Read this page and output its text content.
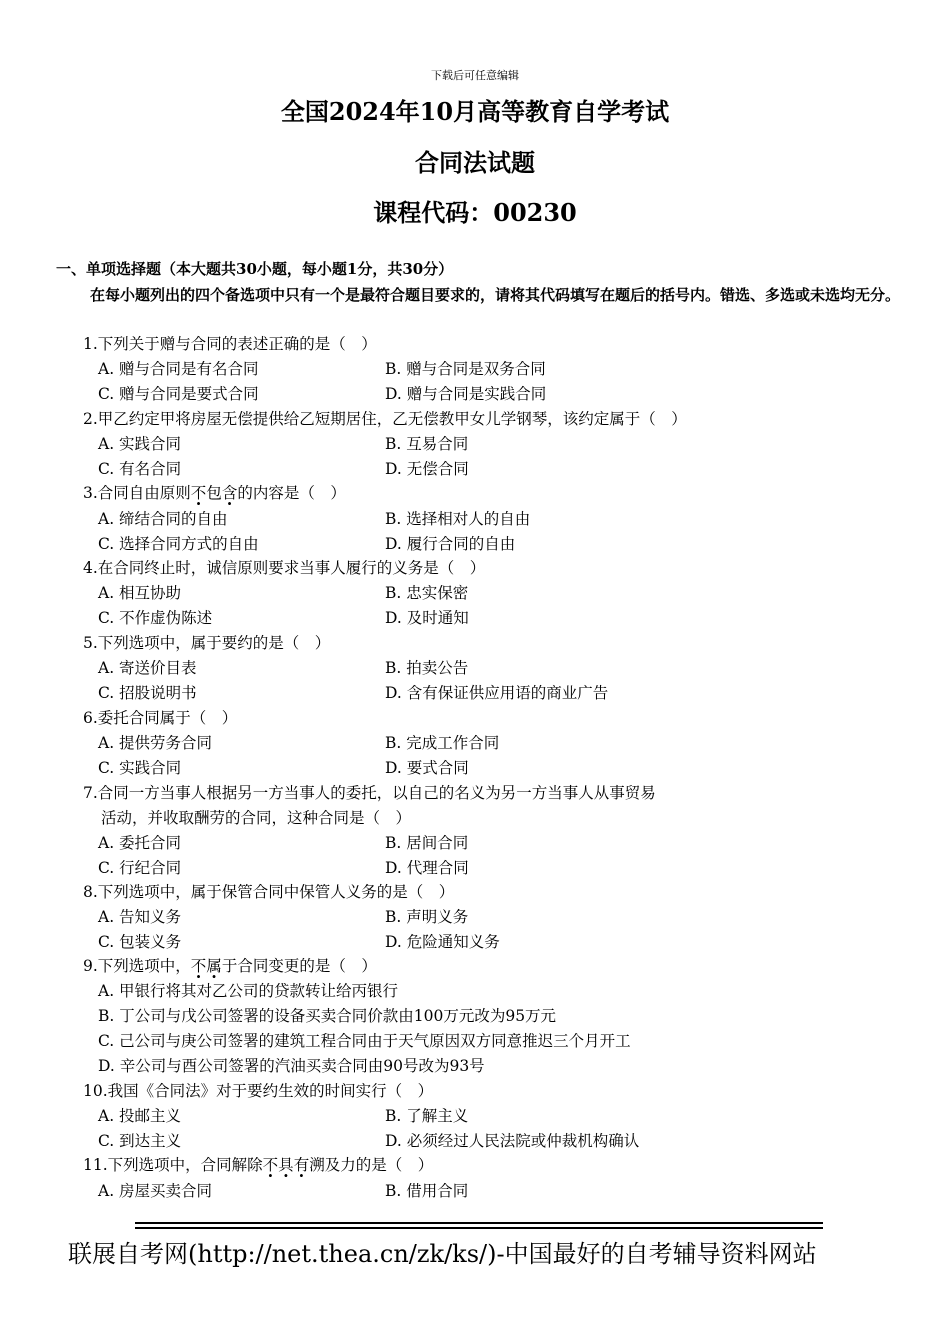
下载后可任意编辑
全国2024年10月高等教育自学考试
合同法试题
课程代码：00230
一、单项选择题（本大题共30小题，每小题1分，共30分）
在每小题列出的四个备选项中只有一个是最符合题目要求的，请将其代码填写在题后的括号内。错选、多选或未选均无分。
1.下列关于赠与合同的表述正确的是（　）
A. 赠与合同是有名合同	B. 赠与合同是双务合同
C. 赠与合同是要式合同	D. 赠与合同是实践合同
2.甲乙约定甲将房屋无偿提供给乙短期居住，乙无偿教甲女儿学钢琴，该约定属于（　）
A. 实践合同	B. 互易合同
C. 有名合同	D. 无偿合同
3.合同自由原则不包含的内容是（　）
A. 缔结合同的自由	B. 选择相对人的自由
C. 选择合同方式的自由	D. 履行合同的自由
4.在合同终止时，诚信原则要求当事人履行的义务是（　）
A. 相互协助	B. 忠实保密
C. 不作虚伪陈述	D. 及时通知
5.下列选项中，属于要约的是（　）
A. 寄送价目表	B. 拍卖公告
C. 招股说明书	D. 含有保证供应用语的商业广告
6.委托合同属于（　）
A. 提供劳务合同	B. 完成工作合同
C. 实践合同	D. 要式合同
7.合同一方当事人根据另一方当事人的委托，以自己的名义为另一方当事人从事贸易
活动，并收取酬劳的合同，这种合同是（　）
A. 委托合同	B. 居间合同
C. 行纪合同	D. 代理合同
8.下列选项中，属于保管合同中保管人义务的是（　）
A. 告知义务	B. 声明义务
C. 包装义务	D. 危险通知义务
9.下列选项中，不属于合同变更的是（　）
A. 甲银行将其对乙公司的贷款转让给丙银行
B. 丁公司与戊公司签署的设备买卖合同价款由100万元改为95万元
C. 己公司与庚公司签署的建筑工程合同由于天气原因双方同意推迟三个月开工
D. 辛公司与酉公司签署的汽油买卖合同由90号改为93号
10.我国《合同法》对于要约生效的时间实行（　）
A. 投邮主义	B. 了解主义
C. 到达主义	D. 必须经过人民法院或仲裁机构确认
11.下列选项中，合同解除不具有溯及力的是（　）
A. 房屋买卖合同	B. 借用合同
联展自考网(http://net.thea.cn/zk/ks/)-中国最好的自考辅导资料网站
